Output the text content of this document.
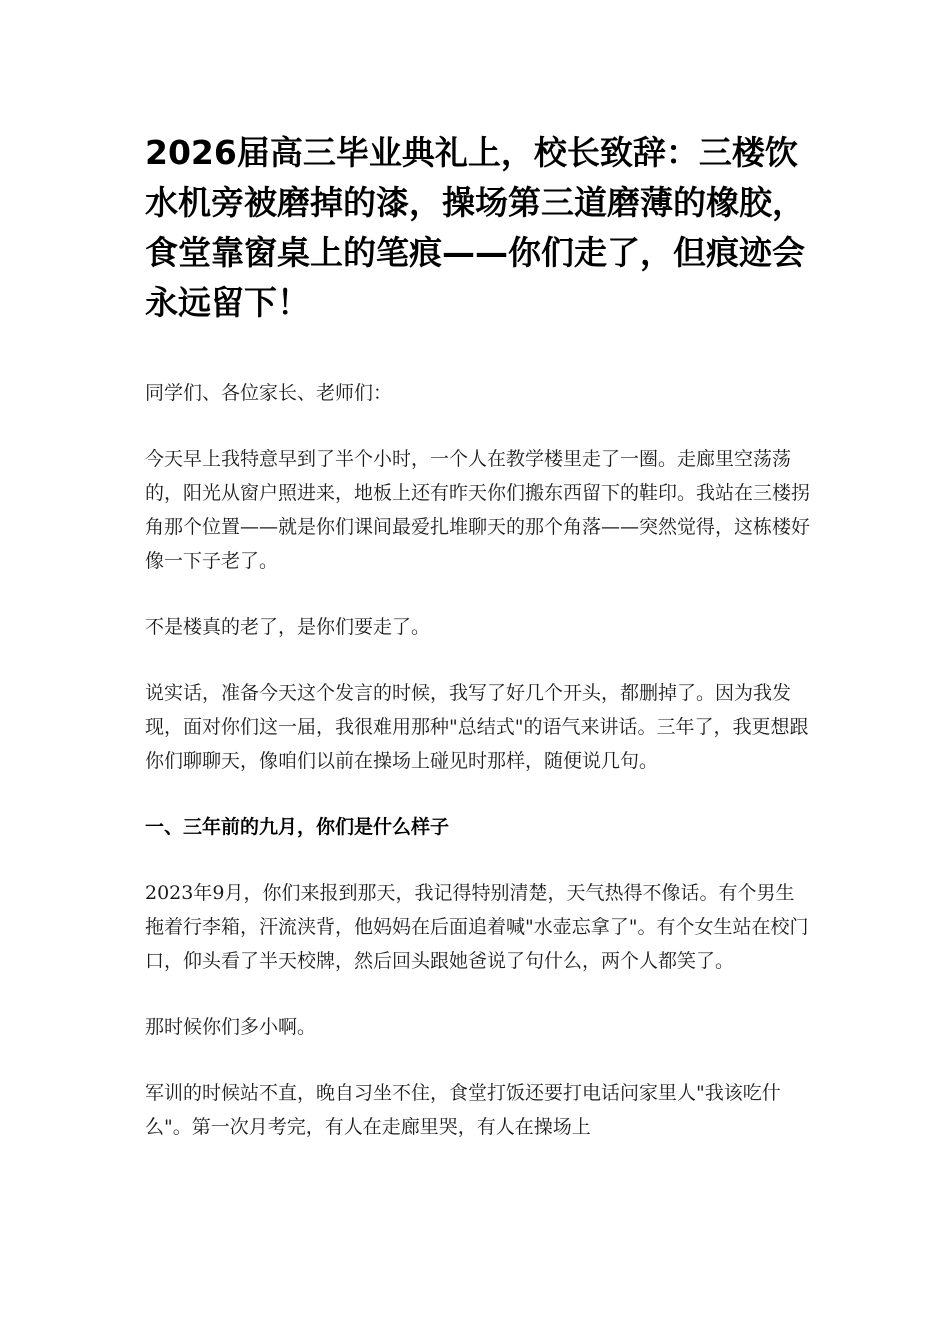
2026届高三毕业典礼上，校长致辞：三楼饮水机旁被磨掉的漆，操场第三道磨薄的橡胶，食堂靠窗桌上的笔痕——你们走了，但痕迹会永远留下！

同学们、各位家长、老师们：

今天早上我特意早到了半个小时，一个人在教学楼里走了一圈。走廊里空荡荡的，阳光从窗户照进来，地板上还有昨天你们搬东西留下的鞋印。我站在三楼拐角那个位置——就是你们课间最爱扎堆聊天的那个角落——突然觉得，这栋楼好像一下子老了。

不是楼真的老了，是你们要走了。

说实话，准备今天这个发言的时候，我写了好几个开头，都删掉了。因为我发现，面对你们这一届，我很难用那种"总结式"的语气来讲话。三年了，我更想跟你们聊聊天，像咱们以前在操场上碰见时那样，随便说几句。

一、三年前的九月，你们是什么样子

2023年9月，你们来报到那天，我记得特别清楚，天气热得不像话。有个男生拖着行李箱，汗流浃背，他妈妈在后面追着喊"水壶忘拿了"。有个女生站在校门口，仰头看了半天校牌，然后回头跟她爸说了句什么，两个人都笑了。

那时候你们多小啊。

军训的时候站不直，晚自习坐不住，食堂打饭还要打电话问家里人"我该吃什么"。第一次月考完，有人在走廊里哭，有人在操场上
